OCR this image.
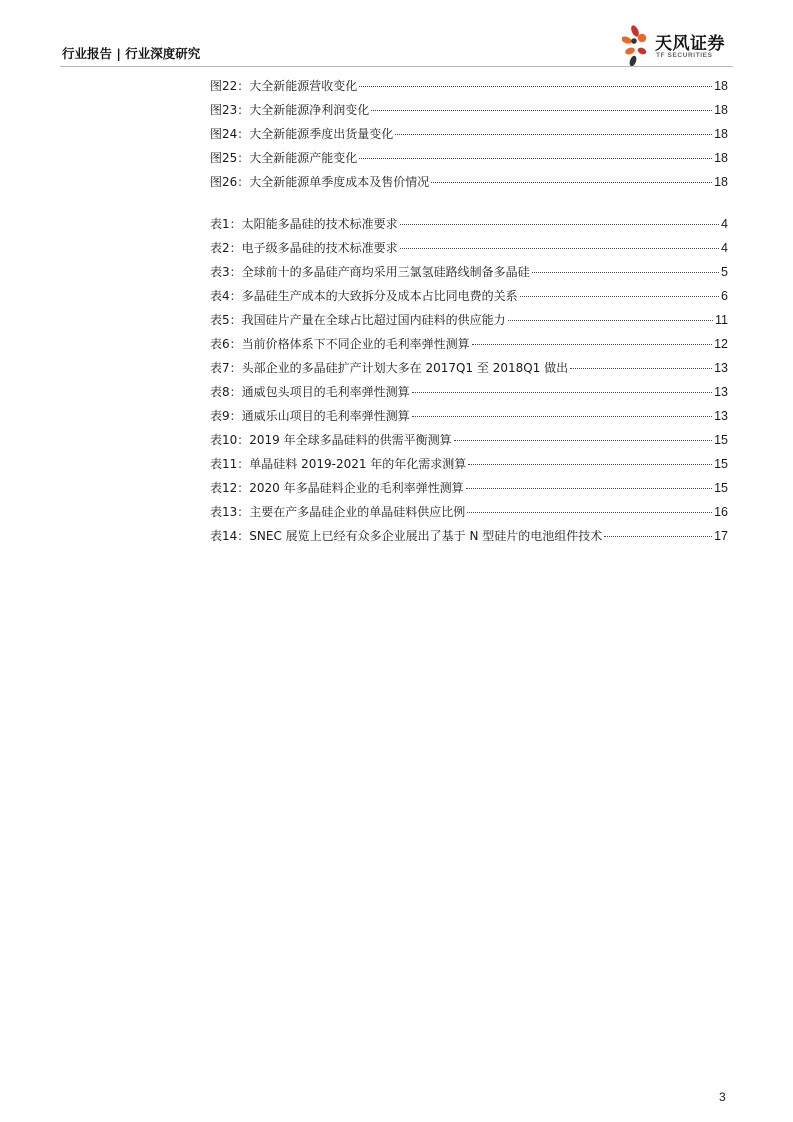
行业报告 | 行业深度研究	天风证券
TF SECURITIES
图22：大全新能源营收变化	18
图23：大全新能源净利润变化	18
图24：大全新能源季度出货量变化	18
图25：大全新能源产能变化	18
图26：大全新能源单季度成本及售价情况	18
表1：太阳能多晶硅的技术标准要求	4
表2：电子级多晶硅的技术标准要求	4
表3：全球前十的多晶硅产商均采用三氯氢硅路线制备多晶硅	5
表4：多晶硅生产成本的大致拆分及成本占比同电费的关系	6
表5：我国硅片产量在全球占比超过国内硅料的供应能力	11
表6：当前价格体系下不同企业的毛利率弹性测算	12
表7：头部企业的多晶硅扩产计划大多在 2017Q1 至 2018Q1 做出	13
表8：通威包头项目的毛利率弹性测算	13
表9：通威乐山项目的毛利率弹性测算	13
表10：2019 年全球多晶硅料的供需平衡测算	15
表11：单晶硅料 2019-2021 年的年化需求测算	15
表12：2020 年多晶硅料企业的毛利率弹性测算	15
表13：主要在产多晶硅企业的单晶硅料供应比例	16
表14：SNEC 展览上已经有众多企业展出了基于 N 型硅片的电池组件技术	17
3
